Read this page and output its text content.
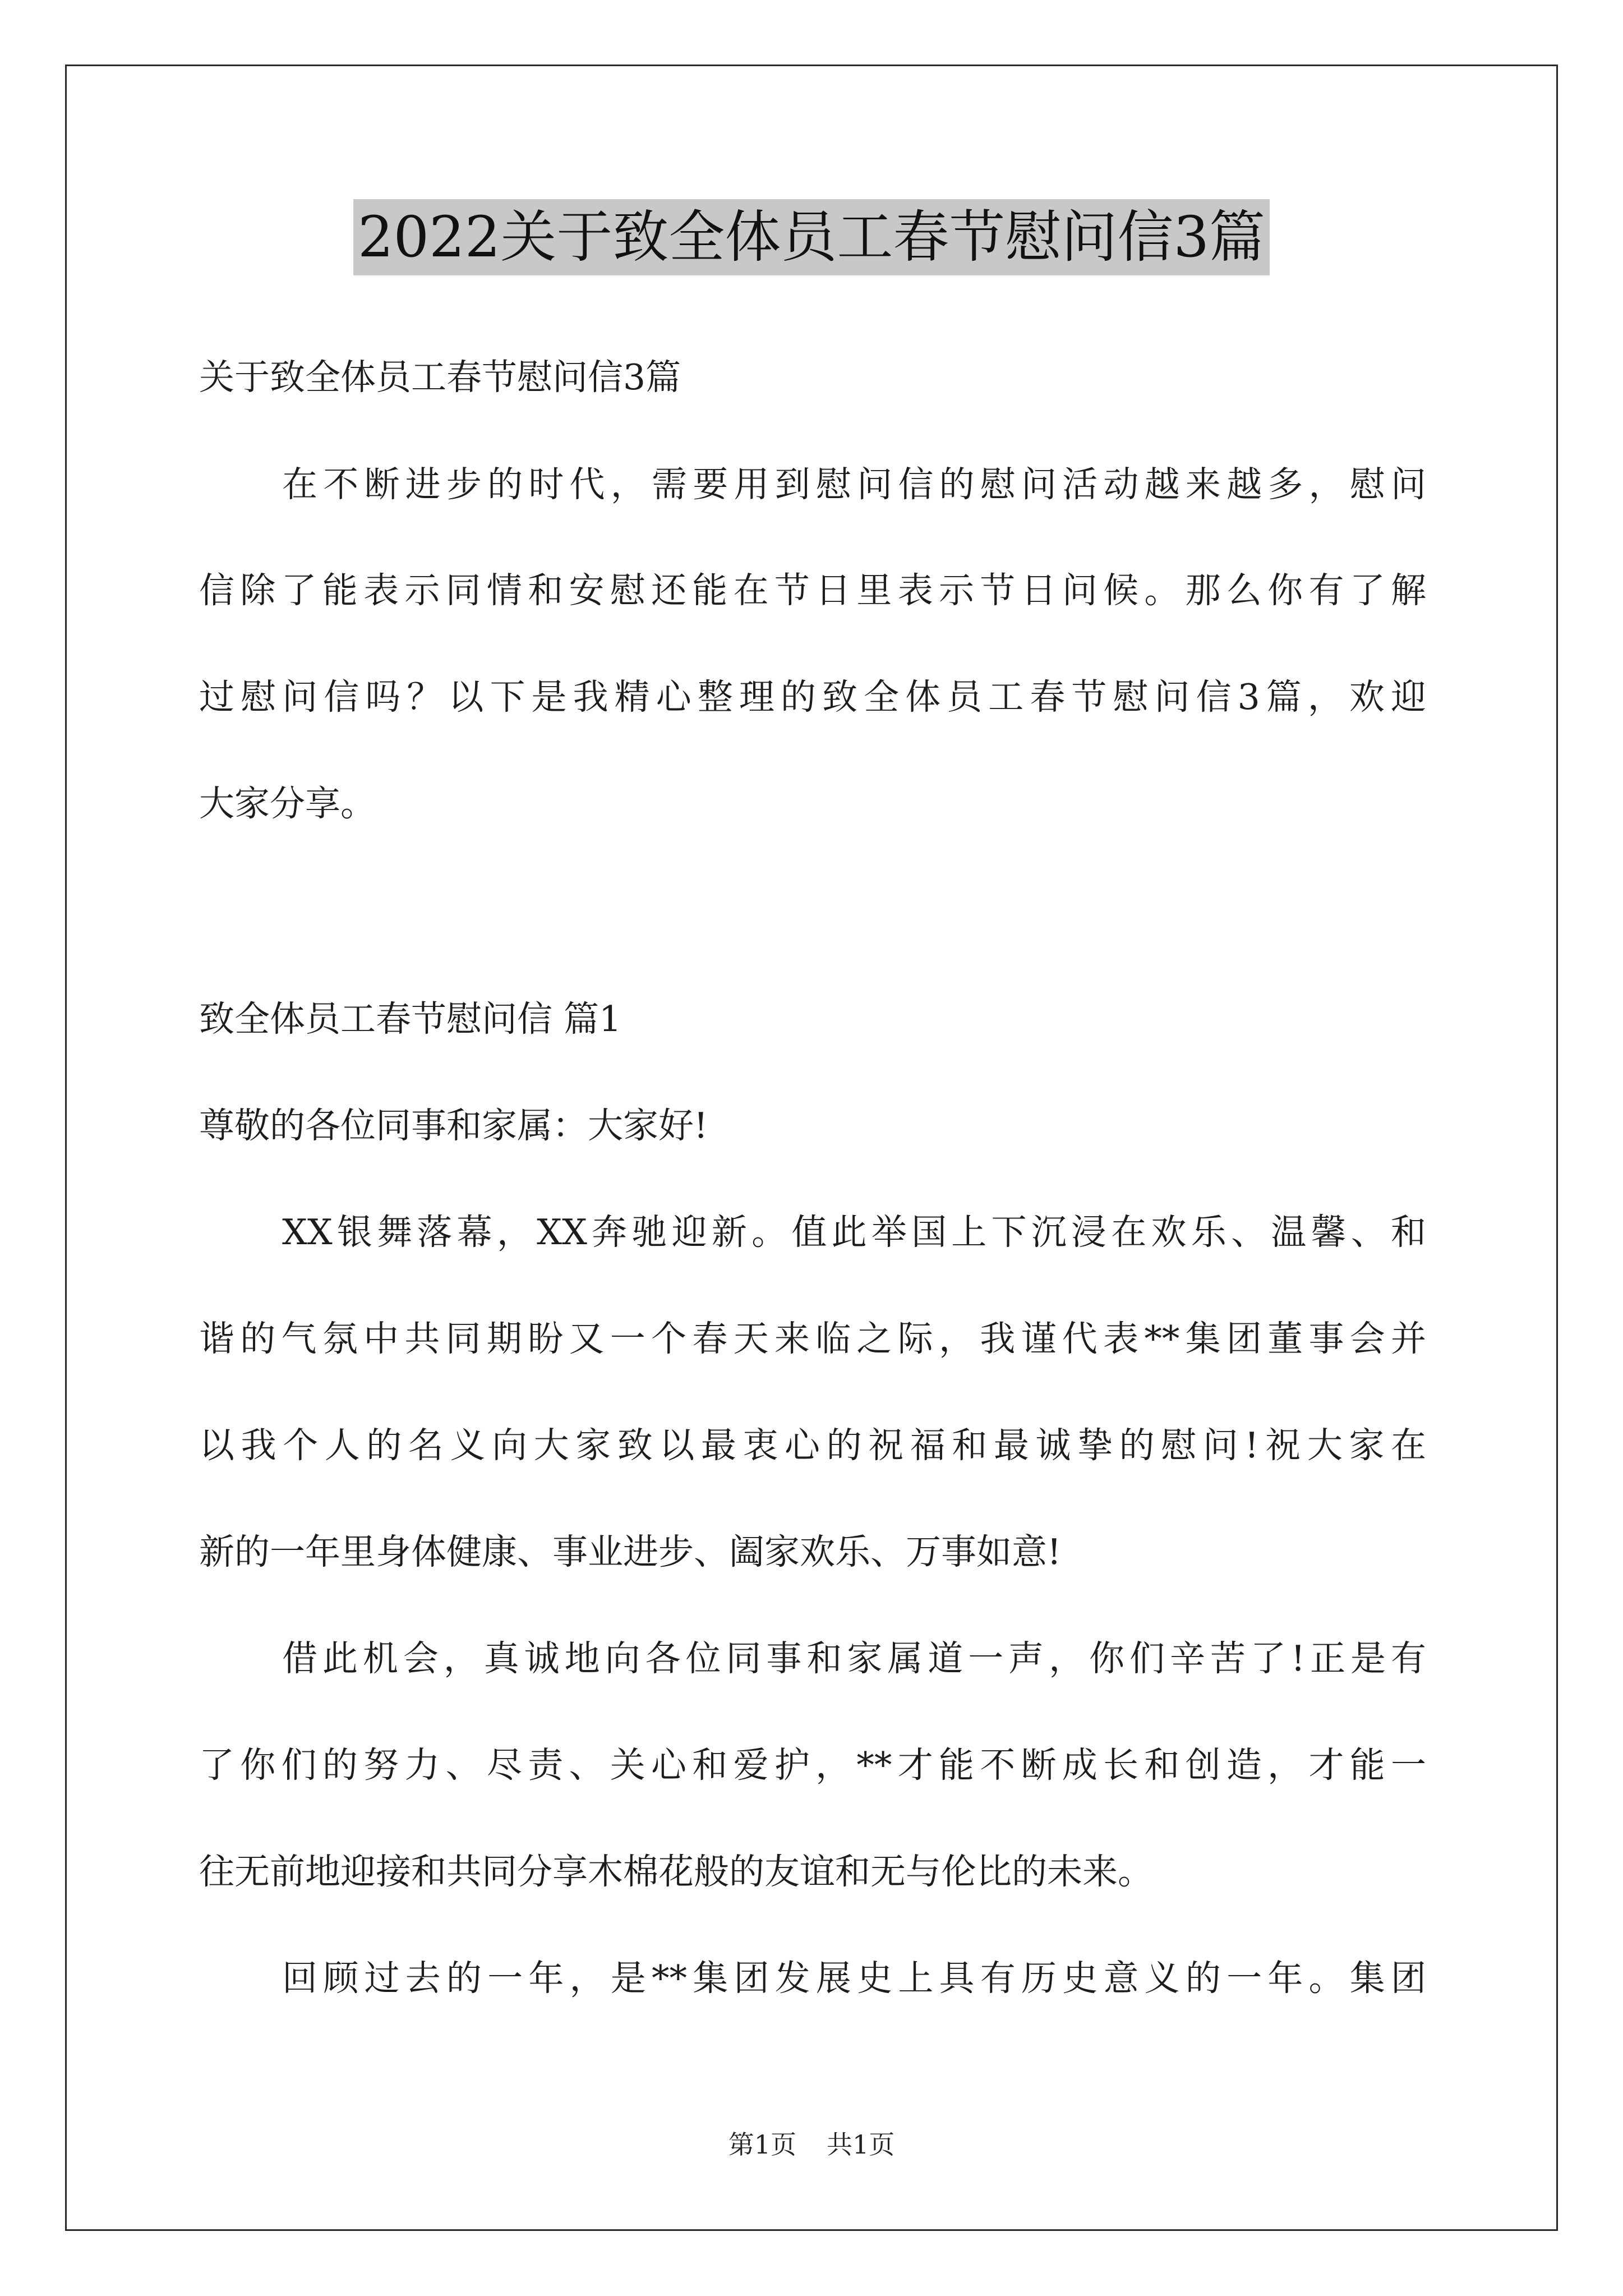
2022关于致全体员工春节慰问信3篇
关于致全体员工春节慰问信3篇
在不断进步的时代，需要用到慰问信的慰问活动越来越多，慰问
信除了能表示同情和安慰还能在节日里表示节日问候。那么你有了解
过慰问信吗？以下是我精心整理的致全体员工春节慰问信3篇，欢迎
大家分享。
致全体员工春节慰问信 篇1
尊敬的各位同事和家属：大家好!
XX银舞落幕，XX奔驰迎新。值此举国上下沉浸在欢乐、温馨、和
谐的气氛中共同期盼又一个春天来临之际，我谨代表**集团董事会并
以我个人的名义向大家致以最衷心的祝福和最诚挚的慰问!祝大家在
新的一年里身体健康、事业进步、阖家欢乐、万事如意!
借此机会，真诚地向各位同事和家属道一声，你们辛苦了!正是有
了你们的努力、尽责、关心和爱护，**才能不断成长和创造，才能一
往无前地迎接和共同分享木棉花般的友谊和无与伦比的未来。
回顾过去的一年，是**集团发展史上具有历史意义的一年。集团
第1页 共1页
